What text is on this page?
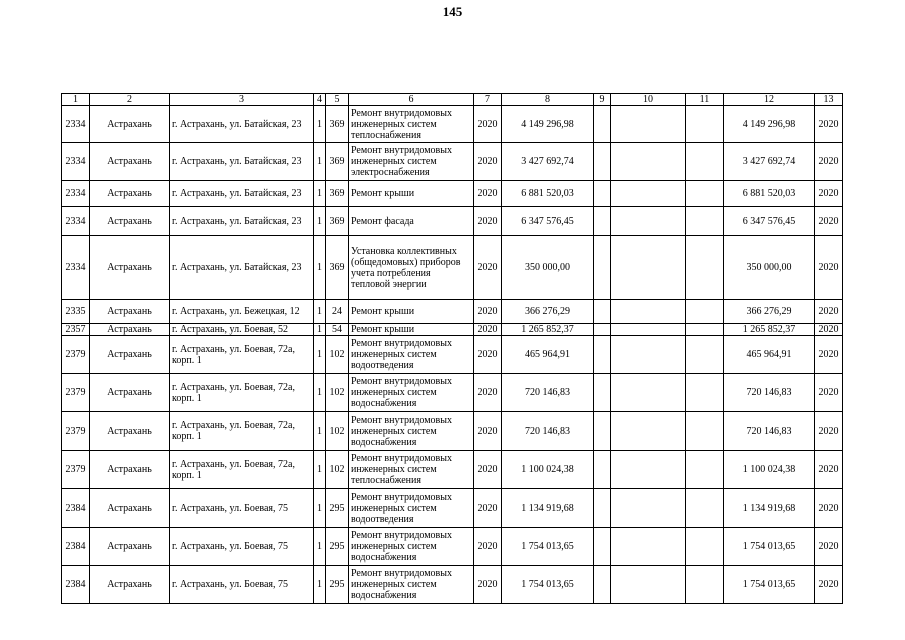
145
1	2	3	4	5	6	7	8	9	10	11	12	13
2334	Астрахань	г. Астрахань, ул. Батайская, 23	1	369	Ремонт внутридомовых инженерных систем теплоснабжения	2020	4 149 296,98				4 149 296,98	2020
2334	Астрахань	г. Астрахань, ул. Батайская, 23	1	369	Ремонт внутридомовых инженерных систем электроснабжения	2020	3 427 692,74				3 427 692,74	2020
2334	Астрахань	г. Астрахань, ул. Батайская, 23	1	369	Ремонт крыши	2020	6 881 520,03				6 881 520,03	2020
2334	Астрахань	г. Астрахань, ул. Батайская, 23	1	369	Ремонт фасада	2020	6 347 576,45				6 347 576,45	2020
2334	Астрахань	г. Астрахань, ул. Батайская, 23	1	369	Установка коллективных (общедомовых) приборов учета потребления тепловой энергии	2020	350 000,00				350 000,00	2020
2335	Астрахань	г. Астрахань, ул. Бежецкая, 12	1	24	Ремонт крыши	2020	366 276,29				366 276,29	2020
2357	Астрахань	г. Астрахань, ул. Боевая, 52	1	54	Ремонт крыши	2020	1 265 852,37				1 265 852,37	2020
2379	Астрахань	г. Астрахань, ул. Боевая, 72а, корп. 1	1	102	Ремонт внутридомовых инженерных систем водоотведения	2020	465 964,91				465 964,91	2020
2379	Астрахань	г. Астрахань, ул. Боевая, 72а, корп. 1	1	102	Ремонт внутридомовых инженерных систем водоснабжения	2020	720 146,83				720 146,83	2020
2379	Астрахань	г. Астрахань, ул. Боевая, 72а, корп. 1	1	102	Ремонт внутридомовых инженерных систем водоснабжения	2020	720 146,83				720 146,83	2020
2379	Астрахань	г. Астрахань, ул. Боевая, 72а, корп. 1	1	102	Ремонт внутридомовых инженерных систем теплоснабжения	2020	1 100 024,38				1 100 024,38	2020
2384	Астрахань	г. Астрахань, ул. Боевая, 75	1	295	Ремонт внутридомовых инженерных систем водоотведения	2020	1 134 919,68				1 134 919,68	2020
2384	Астрахань	г. Астрахань, ул. Боевая, 75	1	295	Ремонт внутридомовых инженерных систем водоснабжения	2020	1 754 013,65				1 754 013,65	2020
2384	Астрахань	г. Астрахань, ул. Боевая, 75	1	295	Ремонт внутридомовых инженерных систем водоснабжения	2020	1 754 013,65				1 754 013,65	2020
